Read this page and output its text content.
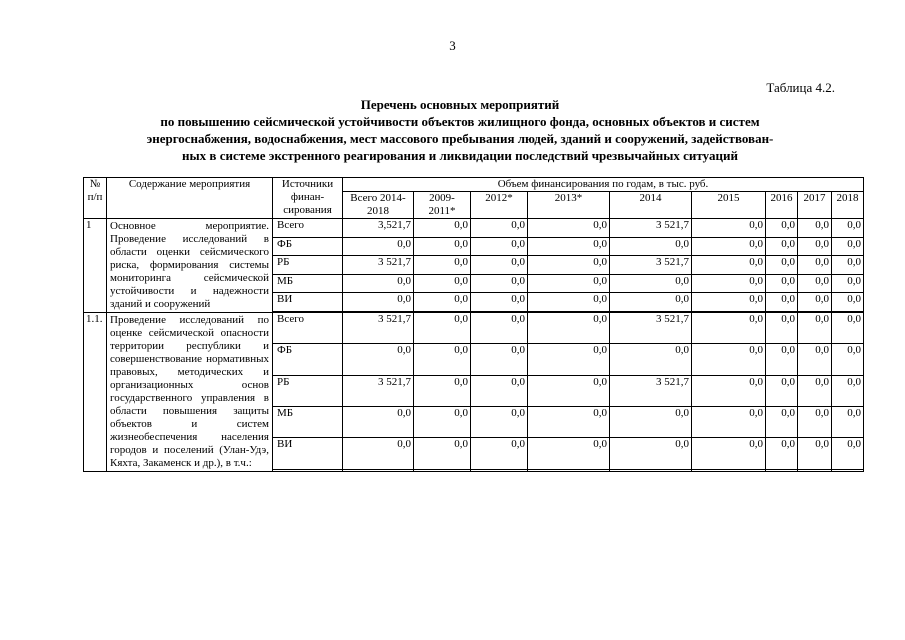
3
Таблица 4.2.
Перечень основных мероприятий
по повышению сейсмической устойчивости объектов жилищного фонда, основных объектов и систем
энергоснабжения, водоснабжения, мест массового пребывания людей, зданий и сооружений, задействован-
ных в системе экстренного реагирования и ликвидации последствий чрезвычайных ситуаций
№ п/п	Содержание мероприятия	Источники финан-сирования	Объем финансирования по годам, в тыс. руб.								
			Всего 2014-2018	2009-2011*	2012*	2013*	2014	2015	2016	2017	2018
1	Основное мероприятие. Проведение исследований в области оценки сейсмического риска, формирования системы мониторинга сейсмической устойчивости и надежности зданий и сооружений	Всего	3,521,7	0,0	0,0	0,0	3 521,7	0,0	0,0	0,0	0,0
		ФБ	0,0	0,0	0,0	0,0	0,0	0,0	0,0	0,0	0,0
		РБ	3 521,7	0,0	0,0	0,0	3 521,7	0,0	0,0	0,0	0,0
		МБ	0,0	0,0	0,0	0,0	0,0	0,0	0,0	0,0	0,0
		ВИ	0,0	0,0	0,0	0,0	0,0	0,0	0,0	0,0	0,0

1.1.	Проведение исследований по оценке сейсмической опасности территории республики и совершенствование нормативных правовых, методических и организационных основ государственного управления в области повышения защиты объектов и систем жизнеобеспечения населения городов и поселений (Улан-Удэ, Кяхта, Закаменск и др.), в т.ч.:	Всего	3 521,7	0,0	0,0	0,0	3 521,7	0,0	0,0	0,0	0,0
		ФБ	0,0	0,0	0,0	0,0	0,0	0,0	0,0	0,0	0,0
		РБ	3 521,7	0,0	0,0	0,0	3 521,7	0,0	0,0	0,0	0,0
		МБ	0,0	0,0	0,0	0,0	0,0	0,0	0,0	0,0	0,0
		ВИ	0,0	0,0	0,0	0,0	0,0	0,0	0,0	0,0	0,0
